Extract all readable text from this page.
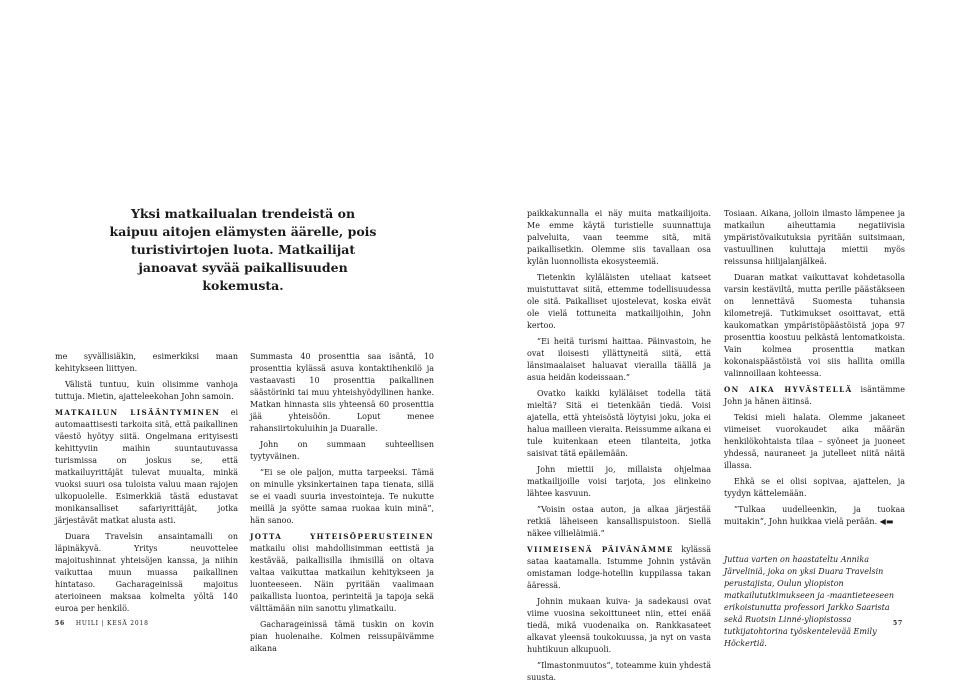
Yksi matkailualan trendeistä on kaipuu aitojen elämysten äärelle, pois turistivirtojen luota. Matkailijat janoavat syvää paikallisuuden kokemusta.

me syvällisiäkin, esimerkiksi maan kehitykseen liittyen.

Välistä tuntuu, kuin olisimme vanhoja tuttuja. Mietin, ajatteleekohan John samoin.

MATKAILUN LISÄÄNTYMINEN ei automaattisesti tarkoita sitä, että paikallinen väestö hyötyy siitä. Ongelmana erityisesti kehittyviin maihin suuntautuvassa turismissa on joskus se, että matkailuyrittäjät tulevat muualta, minkä vuoksi suuri osa tuloista valuu maan rajojen ulkopuolelle. Esimerkkiä tästä edustavat monikansalliset safariyrittäjät, jotka järjestävät matkat alusta asti.

Duara Travelsin ansaintamalli on läpinäkyvä. Yritys neuvottelee majoitushinnat yhteisöjen kanssa, ja niihin vaikuttaa muun muassa paikallinen hintataso. Gacharageinissä majoitus aterioineen maksaa kolmelta yöltä 140 euroa per henkilö.

Summasta 40 prosenttia saa isäntä, 10 prosenttia kylässä asuva kontaktihenkilö ja vastaavasti 10 prosenttia paikallinen säästörinki tai muu yhteishyödyllinen hanke. Matkan hinnasta siis yhteensä 60 prosenttia jää yhteisöön. Loput menee rahansiirtokuluihin ja Duaralle.

John on summaan suhteellisen tyytyväinen.

”Ei se ole paljon, mutta tarpeeksi. Tämä on minulle yksinkertainen tapa tienata, sillä se ei vaadi suuria investointeja. Te nukutte meillä ja syötte samaa ruokaa kuin minä”, hän sanoo.

JOTTA YHTEISÖPERUSTEINEN matkailu olisi mahdollisimman eettistä ja kestävää, paikallisilla ihmisillä on oltava valtaa vaikuttaa matkailun kehitykseen ja luonteeseen. Näin pyritään vaalimaan paikallista luontoa, perinteitä ja tapoja sekä välttämään niin sanottu ylimatkailu.

Gacharageinissä tämä tuskin on kovin pian huolenaihe. Kolmen reissupäivämme aikana

56 HUILI | KESÄ 2018

paikkakunnalla ei näy muita matkailijoita. Me emme käytä turistielle suunnattuja palveluita, vaan teemme sitä, mitä paikallisetkin. Olemme siis tavallaan osa kylän luonnollista ekosysteemiä.

Tietenkin kyläläisten uteliaat katseet muistuttavat siitä, ettemme todellisuudessa ole sitä. Paikalliset ujostelevat, koska eivät ole vielä tottuneita matkailijoihin, John kertoo.

”Ei heitä turismi haittaa. Päinvastoin, he ovat iloisesti yllättyneitä siitä, että länsimaalaiset haluavat vierailla täällä ja asua heidän kodeissaan.”

Ovatko kaikki kyläläiset todella tätä mieltä? Sitä ei tietenkään tiedä. Voisi ajatella, että yhteisöstä löytyisi joku, joka ei halua mailleen vieraita. Reissumme aikana ei tule kuitenkaan eteen tilanteita, jotka saisivat tätä epäilemään.

John miettii jo, millaista ohjelmaa matkailijoille voisi tarjota, jos elinkeino lähtee kasvuun.

”Voisin ostaa auton, ja alkaa järjestää retkiä läheiseen kansallispuistoon. Siellä näkee villieläimiä.”

VIIMEISENÄ PÄIVÄNÄMME kylässä sataa kaatamalla. Istumme Johnin ystävän omistaman lodge-hotellin kuppilassa takan ääressä.

Johnin mukaan kuiva- ja sadekausi ovat viime vuosina sekoittuneet niin, ettei enää tiedä, mikä vuodenaika on. Rankkasateet alkavat yleensä toukokuussa, ja nyt on vasta huhtikuun alkupuoli.

”Ilmastonmuutos”, toteamme kuin yhdestä suusta.

Tosiaan. Aikana, jolloin ilmasto lämpenee ja matkailun aiheuttamia negatiivisia ympäristövaikutuksia pyritään suitsimaan, vastuullinen kuluttaja miettii myös reissunsa hiilijalanjälkeä.

Duaran matkat vaikuttavat kohdetasolla varsin kestäviltä, mutta perille päästäkseen on lennettävä Suomesta tuhansia kilometrejä. Tutkimukset osoittavat, että kaukomatkan ympäristöpäästöistä jopa 97 prosenttia koostuu pelkästä lentomatkoista. Vain kolmea prosenttia matkan kokonaispäästöistä voi siis hallita omilla valinnoillaan kohteessa.

ON AIKA HYVÄSTELLÄ isäntämme John ja hänen äitinsä.

Tekisi mieli halata. Olemme jakaneet viimeiset vuorokaudet aika määrän henkilökohtaista tilaa – syöneet ja juoneet yhdessä, nauraneet ja jutelleet niitä näitä illassa.

Ehkä se ei olisi sopivaa, ajattelen, ja tyydyn kättelemään.

”Tulkaa uudelleenkin, ja tuokaa muitakin”, John huikkaa vielä perään. ◀▬

Juttua varten on haastateltu Annika Järveliniä, joka on yksi Duara Travelsin perustajista, Oulun yliopiston matkailututkimukseen ja -maantieteeseen erikoistunutta professori Jarkko Saarista sekä Ruotsin Linné-yliopistossa tutkijatohtorina työskentelevää Emily Höckertiä.

57
